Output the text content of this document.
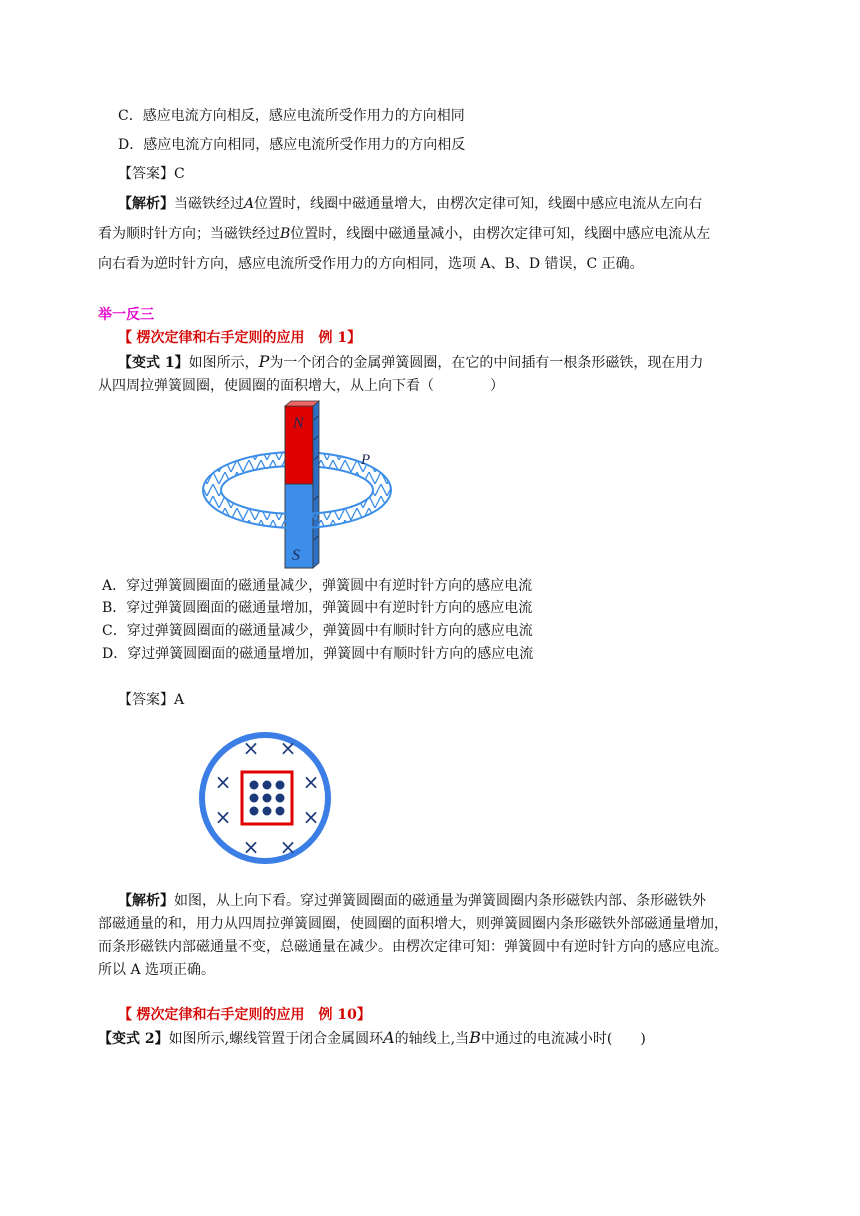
C．感应电流方向相反，感应电流所受作用力的方向相同
D．感应电流方向相同，感应电流所受作用力的方向相反
【答案】C
【解析】当磁铁经过A位置时，线圈中磁通量增大，由楞次定律可知，线圈中感应电流从左向右
看为顺时针方向；当磁铁经过B位置时，线圈中磁通量减小，由楞次定律可知，线圈中感应电流从左
向右看为逆时针方向，感应电流所受作用力的方向相同，选项 A、B、D 错误，C 正确。
举一反三
【 楞次定律和右手定则的应用　例 1】
【变式 1】如图所示，P为一个闭合的金属弹簧圆圈，在它的中间插有一根条形磁铁，现在用力
从四周拉弹簧圆圈，使圆圈的面积增大，从上向下看（　　　　）
N
S
P
A．穿过弹簧圆圈面的磁通量减少，弹簧圆中有逆时针方向的感应电流
B．穿过弹簧圆圈面的磁通量增加，弹簧圆中有逆时针方向的感应电流
C．穿过弹簧圆圈面的磁通量减少，弹簧圆中有顺时针方向的感应电流
D．穿过弹簧圆圈面的磁通量增加，弹簧圆中有顺时针方向的感应电流
【答案】A
× ×
×	×
×	×
× ×
【解析】如图，从上向下看。穿过弹簧圆圈面的磁通量为弹簧圆圈内条形磁铁内部、条形磁铁外
部磁通量的和，用力从四周拉弹簧圆圈，使圆圈的面积增大，则弹簧圆圈内条形磁铁外部磁通量增加，
而条形磁铁内部磁通量不变，总磁通量在减少。由楞次定律可知：弹簧圆中有逆时针方向的感应电流。
所以 A 选项正确。
【 楞次定律和右手定则的应用　例 10】
【变式 2】如图所示,螺线管置于闭合金属圆环A的轴线上,当B中通过的电流减小时(　　)
